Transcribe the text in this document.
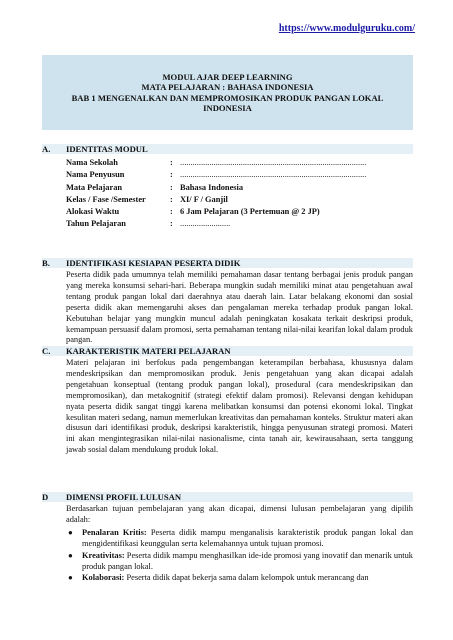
https://www.modulguruku.com/
MODUL AJAR DEEP LEARNING
MATA PELAJARAN : BAHASA INDONESIA
BAB 1 MENGENALKAN DAN MEMPROMOSIKAN PRODUK PANGAN LOKAL INDONESIA
A.	IDENTITAS MODUL
Nama Sekolah	: .........................................................................................
Nama Penyusun	: .........................................................................................
Mata Pelajaran	: Bahasa Indonesia
Kelas / Fase /Semester	: XI/ F / Ganjil
Alokasi Waktu	: 6 Jam Pelajaran (3 Pertemuan @ 2 JP)
Tahun Pelajaran	: ........................
B.	IDENTIFIKASI KESIAPAN PESERTA DIDIK
Peserta didik pada umumnya telah memiliki pemahaman dasar tentang berbagai jenis produk pangan yang mereka konsumsi sehari-hari. Beberapa mungkin sudah memiliki minat atau pengetahuan awal tentang produk pangan lokal dari daerahnya atau daerah lain. Latar belakang ekonomi dan sosial peserta didik akan memengaruhi akses dan pengalaman mereka terhadap produk pangan lokal. Kebutuhan belajar yang mungkin muncul adalah peningkatan kosakata terkait deskripsi produk, kemampuan persuasif dalam promosi, serta pemahaman tentang nilai-nilai kearifan lokal dalam produk pangan.
C.	KARAKTERISTIK MATERI PELAJARAN
Materi pelajaran ini berfokus pada pengembangan keterampilan berbahasa, khususnya dalam mendeskripsikan dan mempromosikan produk. Jenis pengetahuan yang akan dicapai adalah pengetahuan konseptual (tentang produk pangan lokal), prosedural (cara mendeskripsikan dan mempromosikan), dan metakognitif (strategi efektif dalam promosi). Relevansi dengan kehidupan nyata peserta didik sangat tinggi karena melibatkan konsumsi dan potensi ekonomi lokal. Tingkat kesulitan materi sedang, namun memerlukan kreativitas dan pemahaman konteks. Struktur materi akan disusun dari identifikasi produk, deskripsi karakteristik, hingga penyusunan strategi promosi. Materi ini akan mengintegrasikan nilai-nilai nasionalisme, cinta tanah air, kewirausahaan, serta tanggung jawab sosial dalam mendukung produk lokal.
D	DIMENSI PROFIL LULUSAN
Berdasarkan tujuan pembelajaran yang akan dicapai, dimensi lulusan pembelajaran yang dipilih adalah:
● Penalaran Kritis: Peserta didik mampu menganalisis karakteristik produk pangan lokal dan mengidentifikasi keunggulan serta kelemahannya untuk tujuan promosi.
● Kreativitas: Peserta didik mampu menghasilkan ide-ide promosi yang inovatif dan menarik untuk produk pangan lokal.
● Kolaborasi: Peserta didik dapat bekerja sama dalam kelompok untuk merancang dan
